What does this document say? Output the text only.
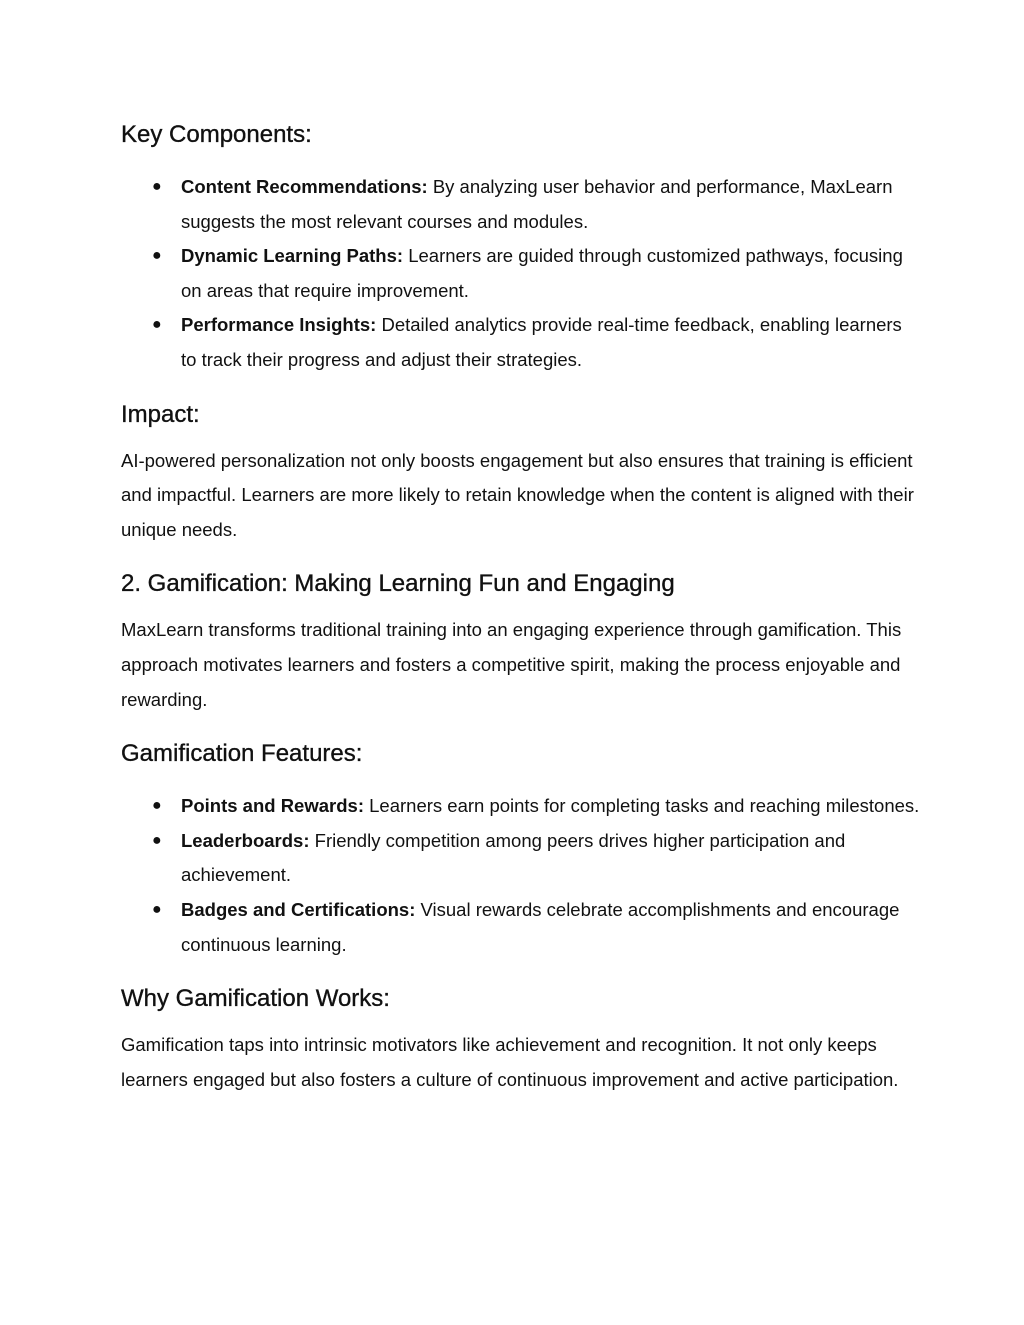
Key Components:
● Content Recommendations: By analyzing user behavior and performance, MaxLearn suggests the most relevant courses and modules.
● Dynamic Learning Paths: Learners are guided through customized pathways, focusing on areas that require improvement.
● Performance Insights: Detailed analytics provide real-time feedback, enabling learners to track their progress and adjust their strategies.
Impact:

AI-powered personalization not only boosts engagement but also ensures that training is efficient and impactful. Learners are more likely to retain knowledge when the content is aligned with their unique needs.

2. Gamification: Making Learning Fun and Engaging

MaxLearn transforms traditional training into an engaging experience through gamification. This approach motivates learners and fosters a competitive spirit, making the process enjoyable and rewarding.

Gamification Features:
● Points and Rewards: Learners earn points for completing tasks and reaching milestones.
● Leaderboards: Friendly competition among peers drives higher participation and achievement.
● Badges and Certifications: Visual rewards celebrate accomplishments and encourage continuous learning.
Why Gamification Works:

Gamification taps into intrinsic motivators like achievement and recognition. It not only keeps learners engaged but also fosters a culture of continuous improvement and active participation.
